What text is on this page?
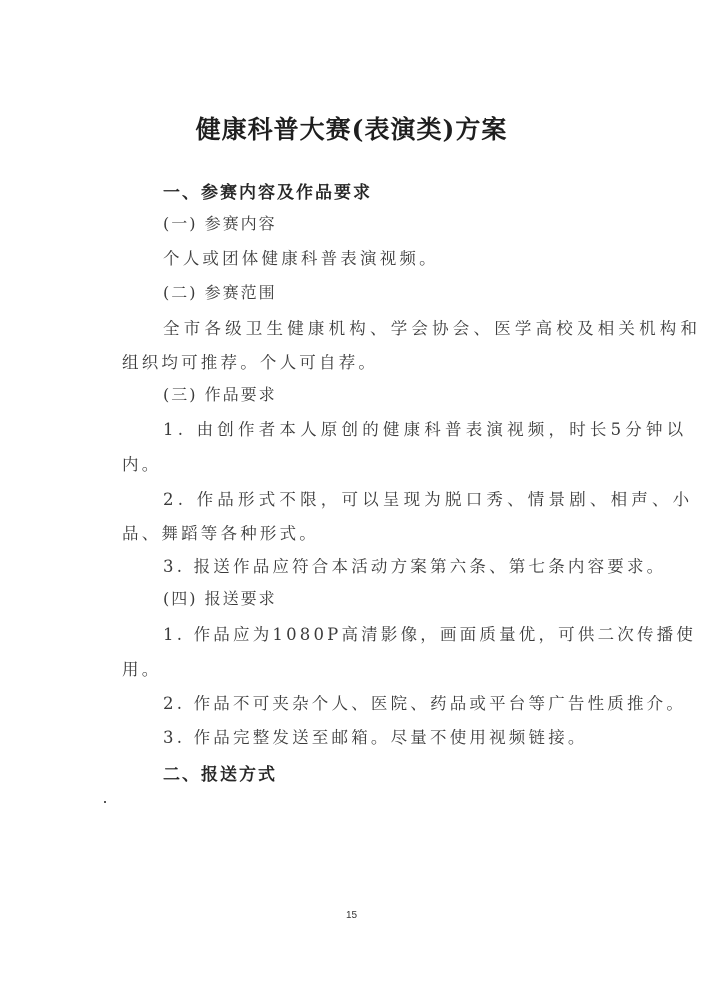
健康科普大赛(表演类)方案
一、参赛内容及作品要求
(一) 参赛内容
个人或团体健康科普表演视频。
(二) 参赛范围
全市各级卫生健康机构、学会协会、医学高校及相关机构和
组织均可推荐。个人可自荐。
(三) 作品要求
1. 由创作者本人原创的健康科普表演视频，时长5分钟以
内。
2. 作品形式不限，可以呈现为脱口秀、情景剧、相声、小
品、舞蹈等各种形式。
3. 报送作品应符合本活动方案第六条、第七条内容要求。
(四) 报送要求
1. 作品应为1080P高清影像，画面质量优，可供二次传播使
用。
2. 作品不可夹杂个人、医院、药品或平台等广告性质推介。
3. 作品完整发送至邮箱。尽量不使用视频链接。
二、报送方式
15
